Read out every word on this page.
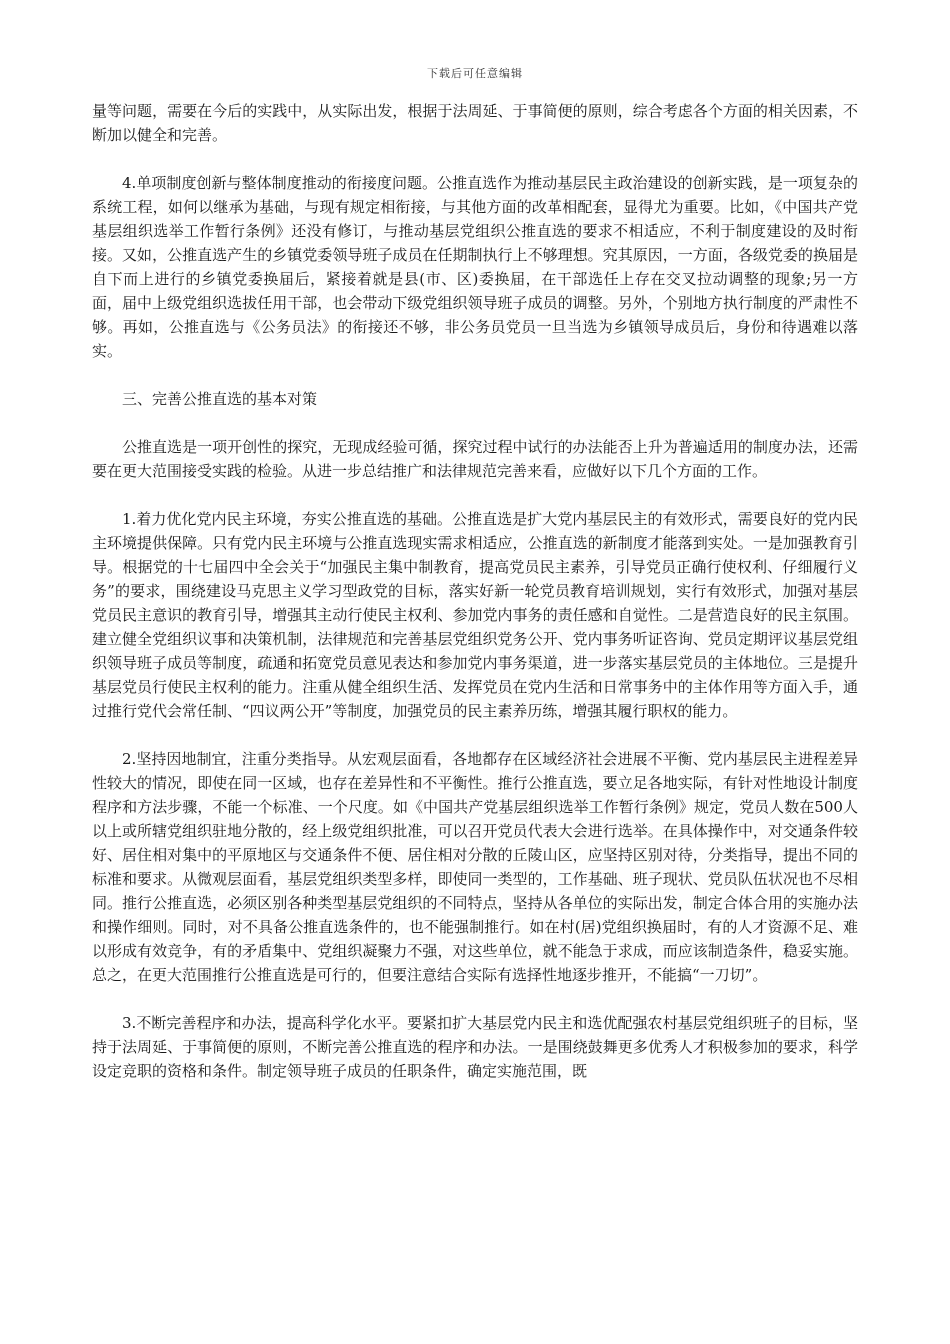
下载后可任意编辑

量等问题，需要在今后的实践中，从实际出发，根据于法周延、于事简便的原则，综合考虑各个方面的相关因素，不断加以健全和完善。

4.单项制度创新与整体制度推动的衔接度问题。公推直选作为推动基层民主政治建设的创新实践，是一项复杂的系统工程，如何以继承为基础，与现有规定相衔接，与其他方面的改革相配套，显得尤为重要。比如，《中国共产党基层组织选举工作暂行条例》还没有修订，与推动基层党组织公推直选的要求不相适应，不利于制度建设的及时衔接。又如，公推直选产生的乡镇党委领导班子成员在任期制执行上不够理想。究其原因，一方面，各级党委的换届是自下而上进行的乡镇党委换届后，紧接着就是县(市、区)委换届，在干部选任上存在交叉拉动调整的现象;另一方面，届中上级党组织选拔任用干部，也会带动下级党组织领导班子成员的调整。另外，个别地方执行制度的严肃性不够。再如，公推直选与《公务员法》的衔接还不够，非公务员党员一旦当选为乡镇领导成员后，身份和待遇难以落实。

三、完善公推直选的基本对策

公推直选是一项开创性的探究，无现成经验可循，探究过程中试行的办法能否上升为普遍适用的制度办法，还需要在更大范围接受实践的检验。从进一步总结推广和法律规范完善来看，应做好以下几个方面的工作。

1.着力优化党内民主环境，夯实公推直选的基础。公推直选是扩大党内基层民主的有效形式，需要良好的党内民主环境提供保障。只有党内民主环境与公推直选现实需求相适应，公推直选的新制度才能落到实处。一是加强教育引导。根据党的十七届四中全会关于“加强民主集中制教育，提高党员民主素养，引导党员正确行使权利、仔细履行义务”的要求，围绕建设马克思主义学习型政党的目标，落实好新一轮党员教育培训规划，实行有效形式，加强对基层党员民主意识的教育引导，增强其主动行使民主权利、参加党内事务的责任感和自觉性。二是营造良好的民主氛围。建立健全党组织议事和决策机制，法律规范和完善基层党组织党务公开、党内事务听证咨询、党员定期评议基层党组织领导班子成员等制度，疏通和拓宽党员意见表达和参加党内事务渠道，进一步落实基层党员的主体地位。三是提升基层党员行使民主权利的能力。注重从健全组织生活、发挥党员在党内生活和日常事务中的主体作用等方面入手，通过推行党代会常任制、“四议两公开”等制度，加强党员的民主素养历练，增强其履行职权的能力。

2.坚持因地制宜，注重分类指导。从宏观层面看，各地都存在区域经济社会进展不平衡、党内基层民主进程差异性较大的情况，即使在同一区域，也存在差异性和不平衡性。推行公推直选，要立足各地实际，有针对性地设计制度程序和方法步骤，不能一个标准、一个尺度。如《中国共产党基层组织选举工作暂行条例》规定，党员人数在500人以上或所辖党组织驻地分散的，经上级党组织批准，可以召开党员代表大会进行选举。在具体操作中，对交通条件较好、居住相对集中的平原地区与交通条件不便、居住相对分散的丘陵山区，应坚持区别对待，分类指导，提出不同的标准和要求。从微观层面看，基层党组织类型多样，即使同一类型的，工作基础、班子现状、党员队伍状况也不尽相同。推行公推直选，必须区别各种类型基层党组织的不同特点，坚持从各单位的实际出发，制定合体合用的实施办法和操作细则。同时，对不具备公推直选条件的，也不能强制推行。如在村(居)党组织换届时，有的人才资源不足、难以形成有效竞争，有的矛盾集中、党组织凝聚力不强，对这些单位，就不能急于求成，而应该制造条件，稳妥实施。总之，在更大范围推行公推直选是可行的，但要注意结合实际有选择性地逐步推开，不能搞“一刀切”。

3.不断完善程序和办法，提高科学化水平。要紧扣扩大基层党内民主和选优配强农村基层党组织班子的目标，坚持于法周延、于事简便的原则，不断完善公推直选的程序和办法。一是围绕鼓舞更多优秀人才积极参加的要求，科学设定竞职的资格和条件。制定领导班子成员的任职条件，确定实施范围，既
